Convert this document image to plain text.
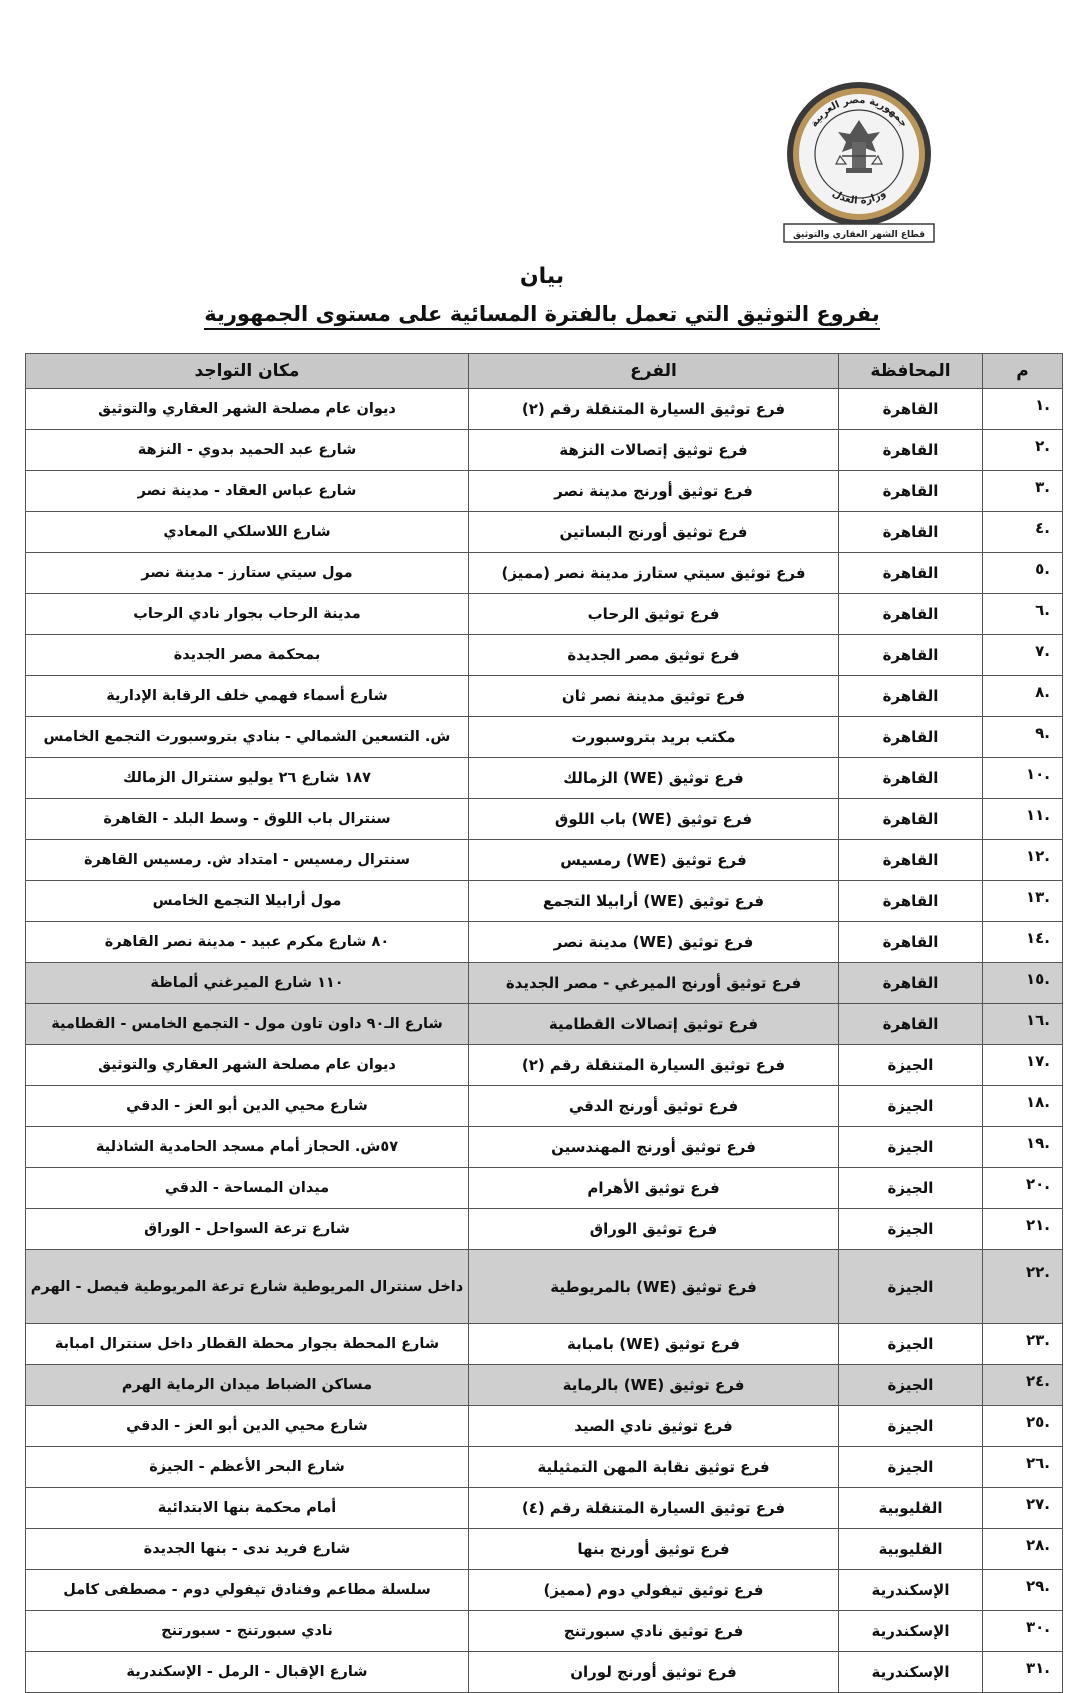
جمهورية مصر العربية
وزارة العدل
قطاع الشهر العقاري والتوثيق
بيان
بفروع التوثيق التي تعمل بالفترة المسائية على مستوى الجمهورية
م	المحافظة	الفرع	مكان التواجد
.١	القاهرة	فرع توثيق السيارة المتنقلة رقم (٢)	ديوان عام مصلحة الشهر العقاري والتوثيق
.٢	القاهرة	فرع توثيق إتصالات النزهة	شارع عبد الحميد بدوي - النزهة
.٣	القاهرة	فرع توثيق أورنج مدينة نصر	شارع عباس العقاد - مدينة نصر
.٤	القاهرة	فرع توثيق أورنج البساتين	شارع اللاسلكي المعادي
.٥	القاهرة	فرع توثيق سيتي ستارز مدينة نصر (مميز)	مول سيتي ستارز - مدينة نصر
.٦	القاهرة	فرع توثيق الرحاب	مدينة الرحاب بجوار نادي الرحاب
.٧	القاهرة	فرع توثيق مصر الجديدة	بمحكمة مصر الجديدة
.٨	القاهرة	فرع توثيق مدينة نصر ثان	شارع أسماء فهمي خلف الرقابة الإدارية
.٩	القاهرة	مكتب بريد بتروسبورت	ش. التسعين الشمالي - بنادي بتروسبورت التجمع الخامس
.١٠	القاهرة	فرع توثيق (WE) الزمالك	١٨٧ شارع ٢٦ يوليو سنترال الزمالك
.١١	القاهرة	فرع توثيق (WE) باب اللوق	سنترال باب اللوق - وسط البلد - القاهرة
.١٢	القاهرة	فرع توثيق (WE) رمسيس	سنترال رمسيس - امتداد ش. رمسيس القاهرة
.١٣	القاهرة	فرع توثيق (WE) أرابيلا التجمع	مول أرابيلا التجمع الخامس
.١٤	القاهرة	فرع توثيق (WE) مدينة نصر	٨٠ شارع مكرم عبيد - مدينة نصر القاهرة
.١٥	القاهرة	فرع توثيق أورنج الميرغي - مصر الجديدة	١١٠ شارع الميرغني ألماظة
.١٦	القاهرة	فرع توثيق إتصالات القطامية	شارع الـ٩٠ داون تاون مول - التجمع الخامس - القطامية
.١٧	الجيزة	فرع توثيق السيارة المتنقلة رقم (٢)	ديوان عام مصلحة الشهر العقاري والتوثيق
.١٨	الجيزة	فرع توثيق أورنج الدقي	شارع محيي الدين أبو العز - الدقي
.١٩	الجيزة	فرع توثيق أورنج المهندسين	٥٧ش. الحجاز أمام مسجد الحامدية الشاذلية
.٢٠	الجيزة	فرع توثيق الأهرام	ميدان المساحة - الدقي
.٢١	الجيزة	فرع توثيق الوراق	شارع ترعة السواحل - الوراق
.٢٢	الجيزة	فرع توثيق (WE) بالمريوطية	داخل سنترال المريوطية شارع ترعة المريوطية فيصل - الهرم
.٢٣	الجيزة	فرع توثيق (WE) بامبابة	شارع المحطة بجوار محطة القطار داخل سنترال امبابة
.٢٤	الجيزة	فرع توثيق (WE) بالرماية	مساكن الضباط ميدان الرماية الهرم
.٢٥	الجيزة	فرع توثيق نادي الصيد	شارع محيي الدين أبو العز - الدقي
.٢٦	الجيزة	فرع توثيق نقابة المهن التمثيلية	شارع البحر الأعظم - الجيزة
.٢٧	القليوبية	فرع توثيق السيارة المتنقلة رقم (٤)	أمام محكمة بنها الابتدائية
.٢٨	القليوبية	فرع توثيق أورنج بنها	شارع فريد ندى - بنها الجديدة
.٢٩	الإسكندرية	فرع توثيق تيفولي دوم (مميز)	سلسلة مطاعم وفنادق تيفولي دوم - مصطفى كامل
.٣٠	الإسكندرية	فرع توثيق نادي سبورتنج	نادي سبورتنج - سبورتنج
.٣١	الإسكندرية	فرع توثيق أورنج لوران	شارع الإقبال - الرمل - الإسكندرية
